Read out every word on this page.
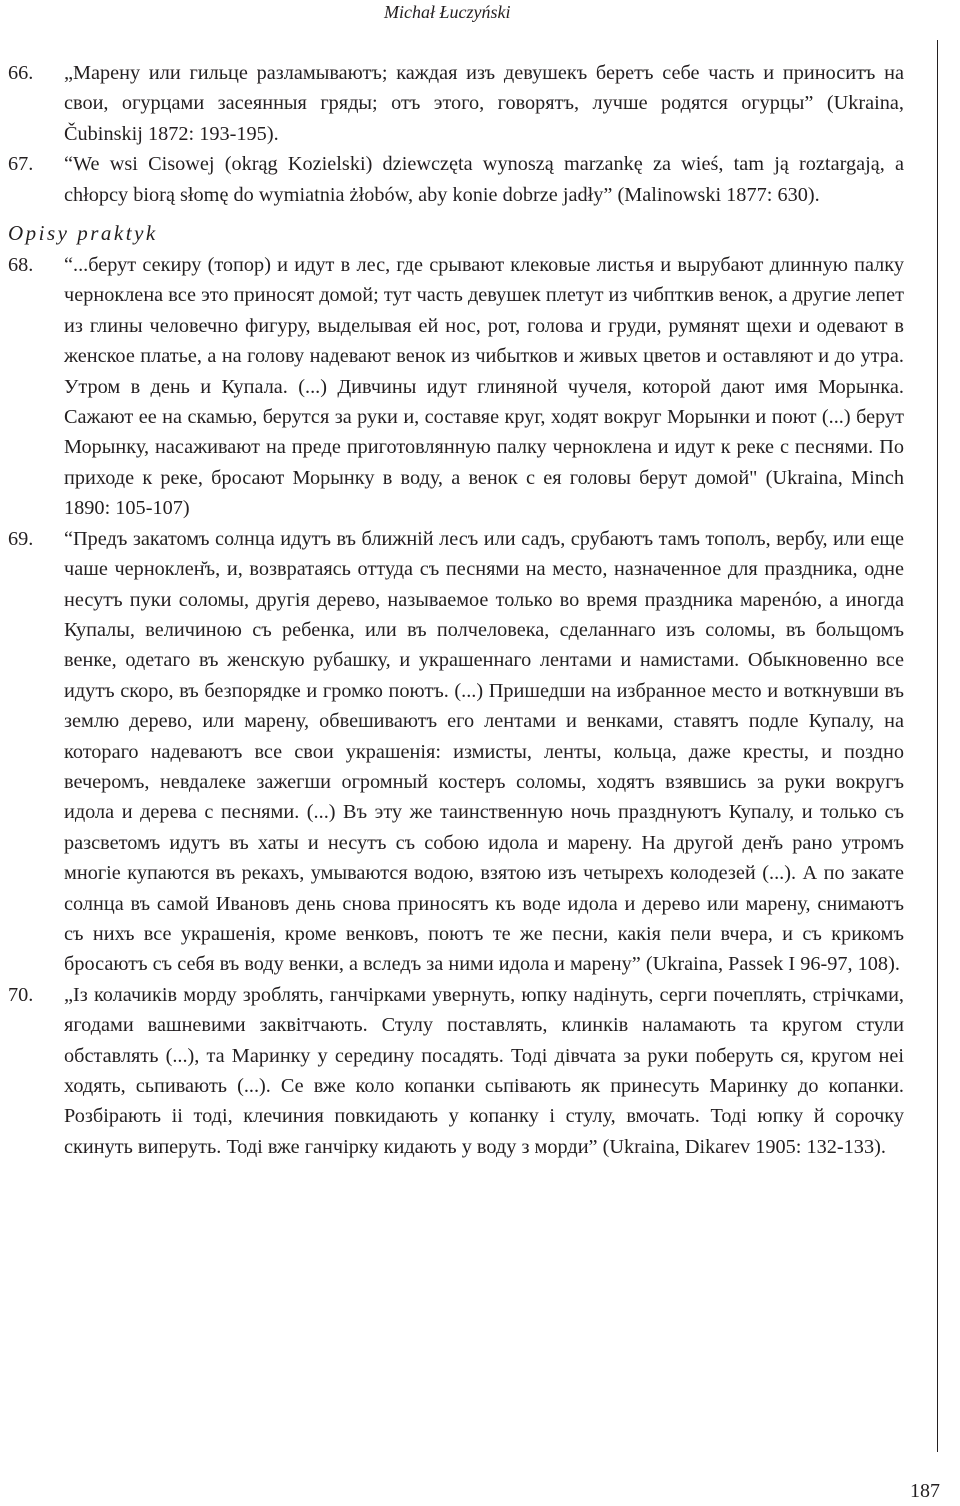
Michał Łuczyński
66. „Марену или гильце разламываютъ; каждая изъ девушекъ беретъ себе часть и приноситъ на свои, огурцами засеянныя гряды; отъ этого, говорятъ, лучше родятся огурцы” (Ukraina, Čubinskij 1872: 193-195).
67. “We wsi Cisowej (okrąg Kozielski) dziewczęta wynoszą marzankę za wieś, tam ją roztargają, a chłopcy biorą słomę do wymiatnia żłobów, aby konie dobrze jadły” (Malinowski 1877: 630).
Opisy praktyk
68. “...берут секиру (топор) и идут в лес, где срывают клековые листья и вырубают длинную палку черноклена все это приносят домой; тут часть девушек плетут из чибпткив венок, а другие лепет из глины человечно фигуру, выделывая ей нос, рот, голова и груди, румянят щехи и одевают в женское платье, а на голову надевают венок из чибытков и живых цветов и оставляют и до утра. Утром в день и Купала. (...) Дивчины идут глиняной чучеля, которой дают имя Морынка. Сажают ее на скамью, берутся за руки и, составяе круг, ходят вокруг Морынки и поют (...) берут Морынку, насаживают на преде приготовлянную палку черноклена и идут к реке с песнями. По приходе к реке, бросают Морынку в воду, а венок с ея головы берут домой" (Ukraina, Minch 1890: 105-107)
69. “Предъ закатомъ солнца идутъ въ ближнiй лесъ или садъ, срубаютъ тамъ тополъ, вербу, или еще чаше черноклен̆ъ, и, возвратаясь оттуда съ песнями на место, назначенное для праздника, одне несутъ пуки соломы, другiя дерево, называемое только во время праздника маренóю, а иногда Купалы, величиною съ ребенка, или въ полчеловека, сделаннаго изъ соломы, въ больщомъ венке, одетаго въ женскую рубашку, и украшеннаго лентами и намистами. Обыкновенно все идутъ скоро, въ безпорядке и громко поютъ. (...) Пришедши на избранное место и воткнувши въ землю дерево, или марену, обвешиваютъ его лентами и венками, ставятъ подле Купалу, на котораго надеваютъ все свои украшенiя: измисты, ленты, кольца, даже кресты, и поздно вечеромъ, невдалеке зажегши огромный костеръ соломы, ходятъ взявшись за руки вокругъ идола и дерева с песнями. (...) Въ эту же таинственную ночь празднуютъ Купалу, и только съ разсветомъ идутъ въ хаты и несутъ съ собою идола и марену. На другой ден̆ъ рано утромъ многiе купаются въ рекахъ, умываются водою, взятою изъ четырехъ колодезей (...). А по закате солнца въ самой Ивановъ день снова приносятъ къ воде идола и дерево или марену, снимаютъ съ нихъ все украшенiя, кроме венковъ, поютъ те же песни, какiя пели вчера, и съ крикомъ бросаютъ съ себя въ воду венки, а вследъ за ними идола и марену” (Ukraina, Passek I 96-97, 108).
70. „Із колачиків морду зроблять, ганчірками увернуть, юпку надінуть, серги почеплять, стрічками, ягодами вашневими заквітчають. Стулу поставлять, клинків наламають та кругом стули обставлять (...), та Маринку у середину посадять. Тоді дівчата за руки поберуть ся, кругом неі ходять, сьпивають (...). Се вже коло копанки сьпівають як принесуть Маринку до копанки. Розбірають іі тоді, клечиния повкидають у копанку і стулу, вмочать. Тоді юпку й сорочку скинуть виперуть. Тоді вже ганчірку кидають у воду з морди” (Ukraina, Dikarev 1905: 132-133).
187
